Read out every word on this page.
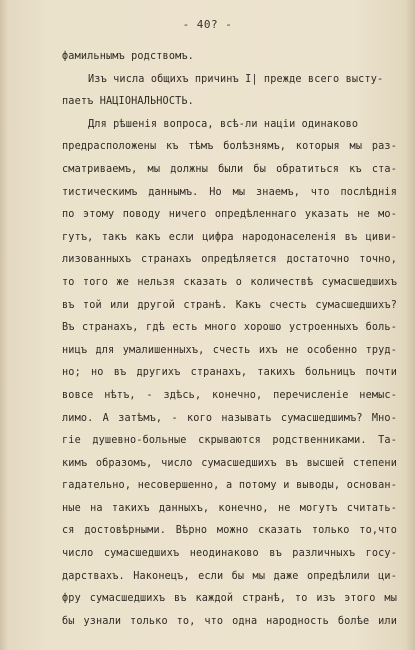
- 40? -
фамильнымъ родствомъ.
Изъ числа общихъ причинъ I| прежде всего высту-
паетъ НАЦIОНАЛЬНОСТЬ.
Для рѣшенiя вопроса, всѣ-ли нацiи одинаково
предрасположены къ тѣмъ болѣзнямъ, которыя мы раз-
сматриваемъ, мы должны были бы обратиться къ ста-
тистическимъ даннымъ. Но мы знаемъ, что послѣднiя
по этому поводу ничего опредѣленнаго указать не мо-
гутъ, такъ какъ если цифра народонаселенiя въ циви-
лизованныхъ странахъ опредѣляется достаточно точно,
то того же нельзя сказать о количествѣ сумасшедшихъ
въ той или другой странѣ. Какъ счесть сумасшедшихъ?
Въ странахъ, гдѣ есть много хорошо устроенныхъ боль-
ницъ для умалишенныхъ, счесть ихъ не особенно труд-
но; но въ другихъ странахъ, такихъ больницъ почти
вовсе нѣтъ, - здѣсь, конечно, перечисленiе немыс-
лимо. А затѣмъ, - кого называть сумасшедшимъ? Мно-
гiе душевно-больные скрываются родственниками. Та-
кимъ образомъ, число сумасшедшихъ въ высшей степени
гадательно, несовершенно, а потому и выводы, основан-
ные на такихъ данныхъ, конечно, не могутъ считать-
ся достовѣрными. Вѣрно можно сказать только то,что
число сумасшедшихъ неодинаково въ различныхъ госу-
дарствахъ. Наконецъ, если бы мы даже опредѣлили ци-
фру сумасшедшихъ въ каждой странѣ, то изъ этого мы
бы узнали только то, что одна народность болѣе или
